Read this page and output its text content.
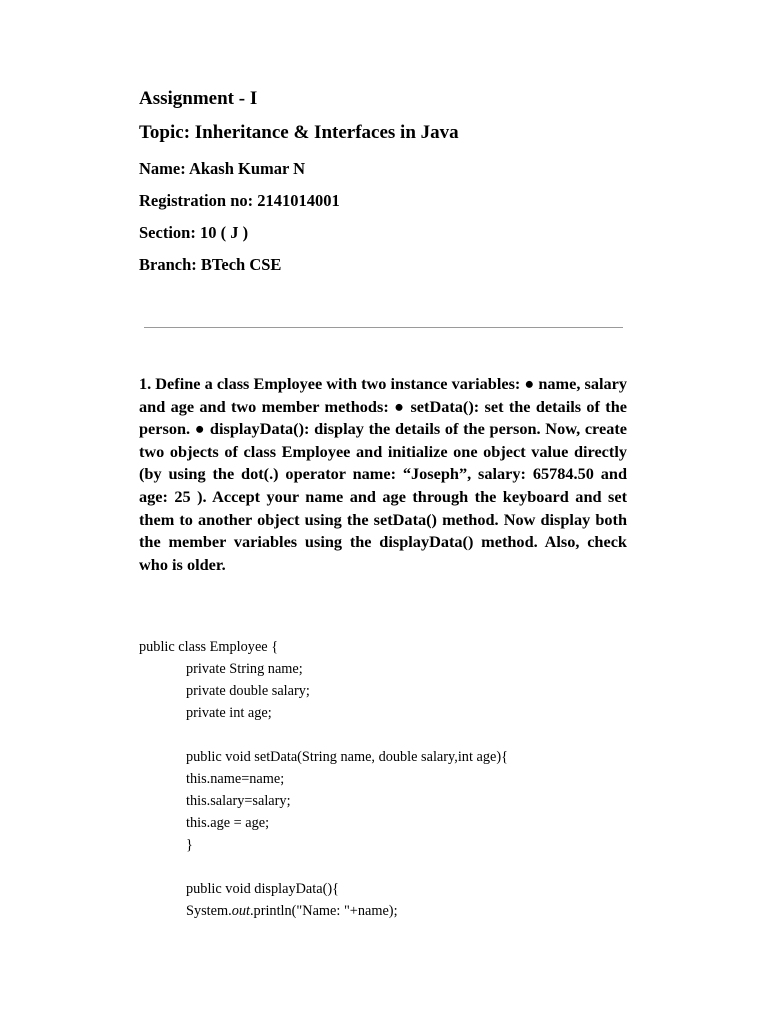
Assignment - I

Topic: Inheritance & Interfaces in Java

Name: Akash Kumar N

Registration no: 2141014001

Section: 10 ( J )

Branch: BTech CSE

1. Define a class Employee with two instance variables: ● name, salary and age and two member methods: ● setData(): set the details of the person. ● displayData(): display the details of the person. Now, create two objects of class Employee and initialize one object value directly (by using the dot(.) operator name: “Joseph”, salary: 65784.50 and age: 25 ). Accept your name and age through the keyboard and set them to another object using the setData() method. Now display both the member variables using the displayData() method. Also, check who is older.

public class Employee {
private String name;
private double salary;
private int age;
public void setData(String name, double salary,int age){
this.name=name;
this.salary=salary;
this.age = age;
}
public void displayData(){
System.out.println("Name: "+name);
